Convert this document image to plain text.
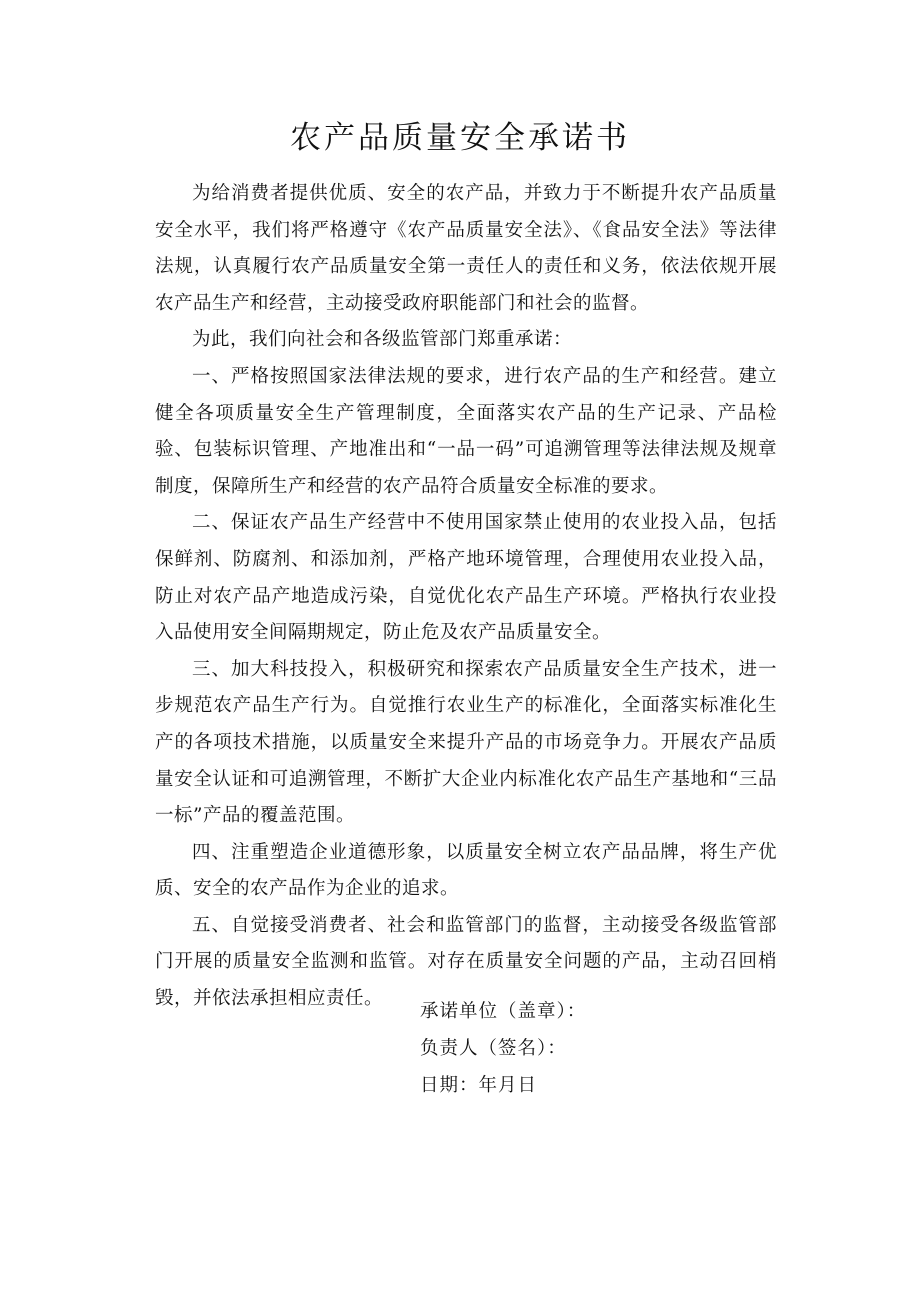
农产品质量安全承诺书

为给消费者提供优质、安全的农产品，并致力于不断提升农产品质量安全水平，我们将严格遵守《农产品质量安全法》、《食品安全法》等法律法规，认真履行农产品质量安全第一责任人的责任和义务，依法依规开展农产品生产和经营，主动接受政府职能部门和社会的监督。

为此，我们向社会和各级监管部门郑重承诺：

一、严格按照国家法律法规的要求，进行农产品的生产和经营。建立健全各项质量安全生产管理制度，全面落实农产品的生产记录、产品检验、包装标识管理、产地准出和“一品一码”可追溯管理等法律法规及规章制度，保障所生产和经营的农产品符合质量安全标准的要求。

二、保证农产品生产经营中不使用国家禁止使用的农业投入品，包括保鲜剂、防腐剂、和添加剂，严格产地环境管理，合理使用农业投入品，防止对农产品产地造成污染，自觉优化农产品生产环境。严格执行农业投入品使用安全间隔期规定，防止危及农产品质量安全。

三、加大科技投入，积极研究和探索农产品质量安全生产技术，进一步规范农产品生产行为。自觉推行农业生产的标准化，全面落实标准化生产的各项技术措施，以质量安全来提升产品的市场竞争力。开展农产品质量安全认证和可追溯管理，不断扩大企业内标准化农产品生产基地和“三品一标”产品的覆盖范围。

四、注重塑造企业道德形象，以质量安全树立农产品品牌，将生产优质、安全的农产品作为企业的追求。

五、自觉接受消费者、社会和监管部门的监督，主动接受各级监管部门开展的质量安全监测和监管。对存在质量安全问题的产品，主动召回梢毁，并依法承担相应责任。

承诺单位（盖章）：
负责人（签名）：
日期：年月日
